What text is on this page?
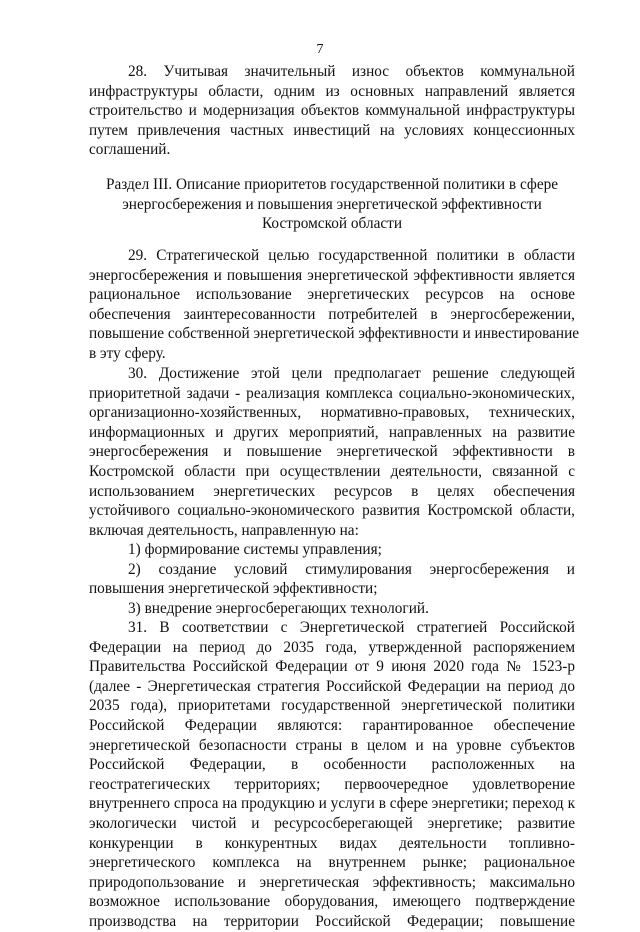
7
28. Учитывая значительный износ объектов коммунальной
инфраструктуры области, одним из основных направлений является
строительство и модернизация объектов коммунальной инфраструктуры
путем привлечения частных инвестиций на условиях концессионных
соглашений.
Раздел III. Описание приоритетов государственной политики в сфере
энергосбережения и повышения энергетической эффективности
Костромской области
29. Стратегической целью государственной политики в области
энергосбережения и повышения энергетической эффективности является
рациональное использование энергетических ресурсов на основе
обеспечения заинтересованности потребителей в энергосбережении,
повышение собственной энергетической эффективности и инвестирование
в эту сферу.
30. Достижение этой цели предполагает решение следующей
приоритетной задачи - реализация комплекса социально-экономических,
организационно-хозяйственных, нормативно-правовых, технических,
информационных и других мероприятий, направленных на развитие
энергосбережения и повышение энергетической эффективности в
Костромской области при осуществлении деятельности, связанной с
использованием энергетических ресурсов в целях обеспечения
устойчивого социально-экономического развития Костромской области,
включая деятельность, направленную на:
1) формирование системы управления;
2) создание условий стимулирования энергосбережения и
повышения энергетической эффективности;
3) внедрение энергосберегающих технологий.
31. В соответствии с Энергетической стратегией Российской
Федерации на период до 2035 года, утвержденной распоряжением
Правительства Российской Федерации от 9 июня 2020 года № 1523-р
(далее - Энергетическая стратегия Российской Федерации на период до
2035 года), приоритетами государственной энергетической политики
Российской Федерации являются: гарантированное обеспечение
энергетической безопасности страны в целом и на уровне субъектов
Российской Федерации, в особенности расположенных на
геостратегических территориях; первоочередное удовлетворение
внутреннего спроса на продукцию и услуги в сфере энергетики; переход к
экологически чистой и ресурсосберегающей энергетике; развитие
конкуренции в конкурентных видах деятельности топливно-
энергетического комплекса на внутреннем рынке; рациональное
природопользование и энергетическая эффективность; максимально
возможное использование оборудования, имеющего подтверждение
производства на территории Российской Федерации; повышение
